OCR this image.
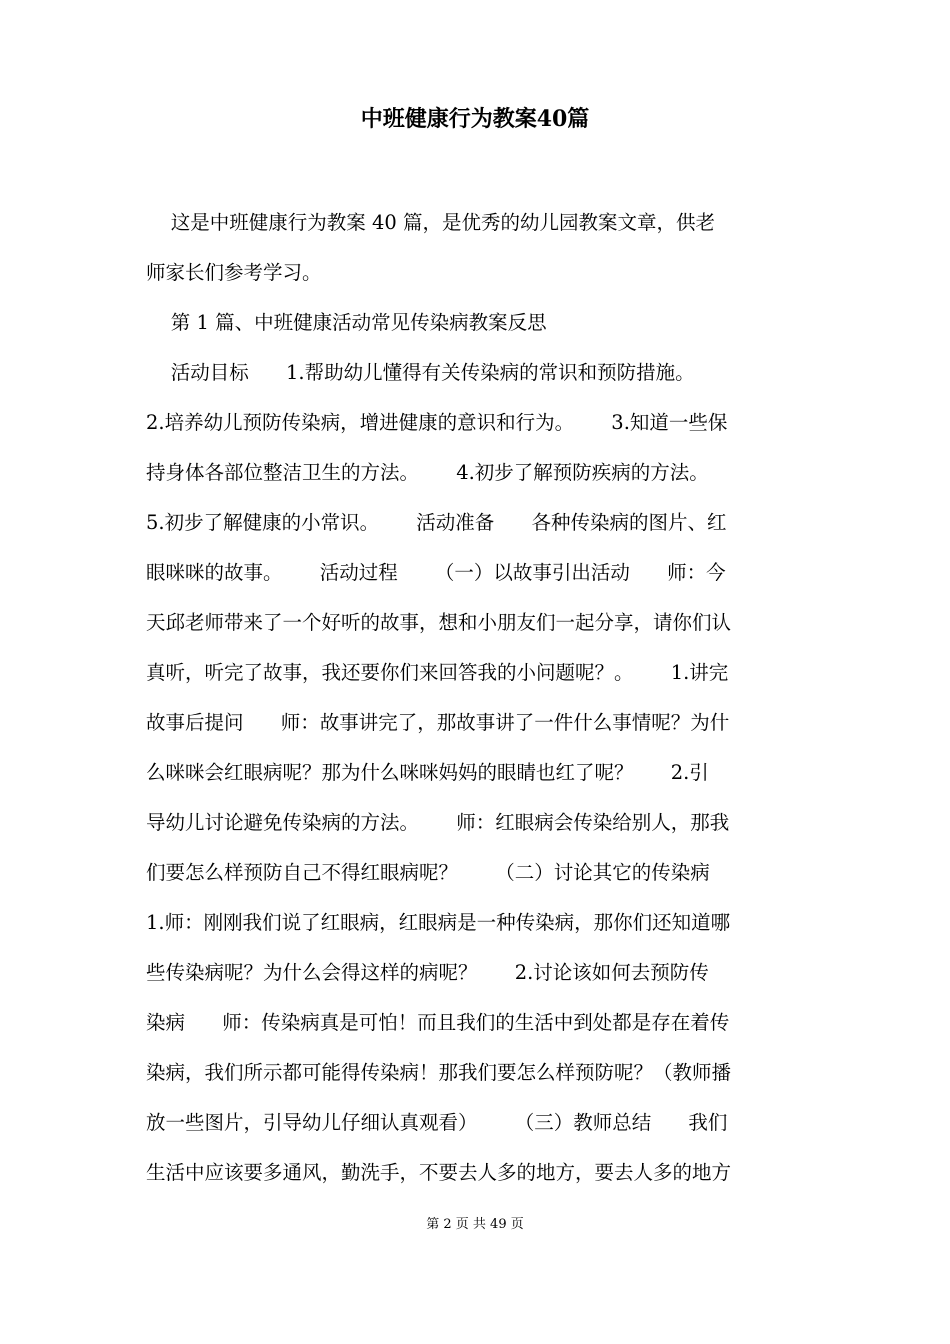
中班健康行为教案40篇
这是中班健康行为教案 40 篇，是优秀的幼儿园教案文章，供老
师家长们参考学习。
第 1 篇、中班健康活动常见传染病教案反思
活动目标      1.帮助幼儿懂得有关传染病的常识和预防措施。
2.培养幼儿预防传染病，增进健康的意识和行为。      3.知道一些保
持身体各部位整洁卫生的方法。      4.初步了解预防疾病的方法。
5.初步了解健康的小常识。      活动准备      各种传染病的图片、红
眼咪咪的故事。      活动过程      （一）以故事引出活动      师：今
天邱老师带来了一个好听的故事，想和小朋友们一起分享，请你们认
真听，听完了故事，我还要你们来回答我的小问题呢？。      1.讲完
故事后提问      师：故事讲完了，那故事讲了一件什么事情呢？为什
么咪咪会红眼病呢？那为什么咪咪妈妈的眼睛也红了呢？      2.引
导幼儿讨论避免传染病的方法。      师：红眼病会传染给别人，那我
们要怎么样预防自己不得红眼病呢？      （二）讨论其它的传染病
1.师：刚刚我们说了红眼病，红眼病是一种传染病，那你们还知道哪
些传染病呢？为什么会得这样的病呢？      2.讨论该如何去预防传
染病      师：传染病真是可怕！而且我们的生活中到处都是存在着传
染病，我们所示都可能得传染病！那我们要怎么样预防呢？（教师播
放一些图片，引导幼儿仔细认真观看）      （三）教师总结      我们
生活中应该要多通风，勤洗手，不要去人多的地方，要去人多的地方
第 2 页 共 49 页
